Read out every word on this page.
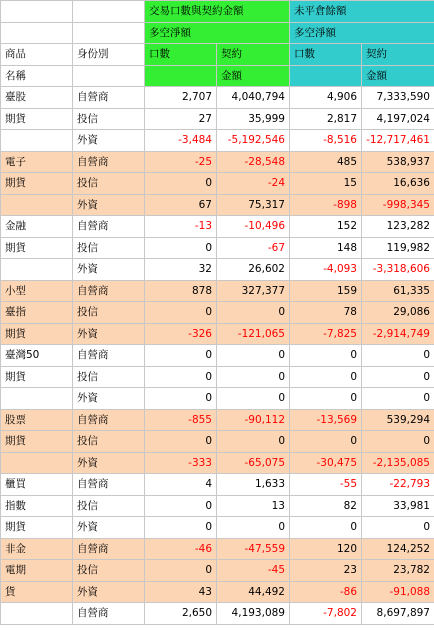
		交易口數與契約金額		未平倉餘額	
		多空淨額		多空淨額	
商品	身份別	口數	契約	口數	契約
名稱			金額		金額
臺股	自營商	2,707	4,040,794	4,906	7,333,590
期貨	投信	27	35,999	2,817	4,197,024
	外資	-3,484	-5,192,546	-8,516	-12,717,461
電子	自營商	-25	-28,548	485	538,937
期貨	投信	0	-24	15	16,636
	外資	67	75,317	-898	-998,345
金融	自營商	-13	-10,496	152	123,282
期貨	投信	0	-67	148	119,982
	外資	32	26,602	-4,093	-3,318,606
小型	自營商	878	327,377	159	61,335
臺指	投信	0	0	78	29,086
期貨	外資	-326	-121,065	-7,825	-2,914,749
臺灣50	自營商	0	0	0	0
期貨	投信	0	0	0	0
	外資	0	0	0	0
股票	自營商	-855	-90,112	-13,569	539,294
期貨	投信	0	0	0	0
	外資	-333	-65,075	-30,475	-2,135,085
櫃買	自營商	4	1,633	-55	-22,793
指數	投信	0	13	82	33,981
期貨	外資	0	0	0	0
非金	自營商	-46	-47,559	120	124,252
電期	投信	0	-45	23	23,782
貨	外資	43	44,492	-86	-91,088
	自營商	2,650	4,193,089	-7,802	8,697,897
